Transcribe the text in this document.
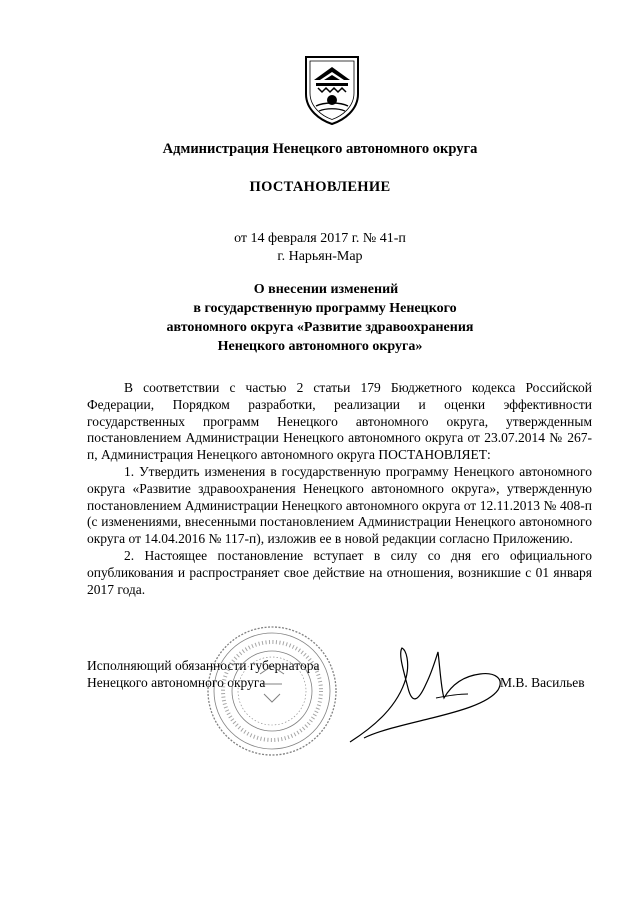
Администрация Ненецкого автономного округа
ПОСТАНОВЛЕНИЕ
от 14 февраля 2017 г. № 41-п
г. Нарьян-Мар
О внесении изменений
в государственную программу Ненецкого
автономного округа «Развитие здравоохранения
Ненецкого автономного округа»

В соответствии с частью 2 статьи 179 Бюджетного кодекса Российской Федерации, Порядком разработки, реализации и оценки эффективности государственных программ Ненецкого автономного округа, утвержденным постановлением Администрации Ненецкого автономного округа от 23.07.2014 № 267-п, Администрация Ненецкого автономного округа ПОСТАНОВЛЯЕТ:

1. Утвердить изменения в государственную программу Ненецкого автономного округа «Развитие здравоохранения Ненецкого автономного округа», утвержденную постановлением Администрации Ненецкого автономного округа от 12.11.2013 № 408-п (с изменениями, внесенными постановлением Администрации Ненецкого автономного округа от 14.04.2016 № 117-п), изложив ее в новой редакции согласно Приложению.

2. Настоящее постановление вступает в силу со дня его официального опубликования и распространяет свое действие на отношения, возникшие с 01 января 2017 года.

Исполняющий обязанности губернатора
Ненецкого автономного округа	М.В. Васильев
